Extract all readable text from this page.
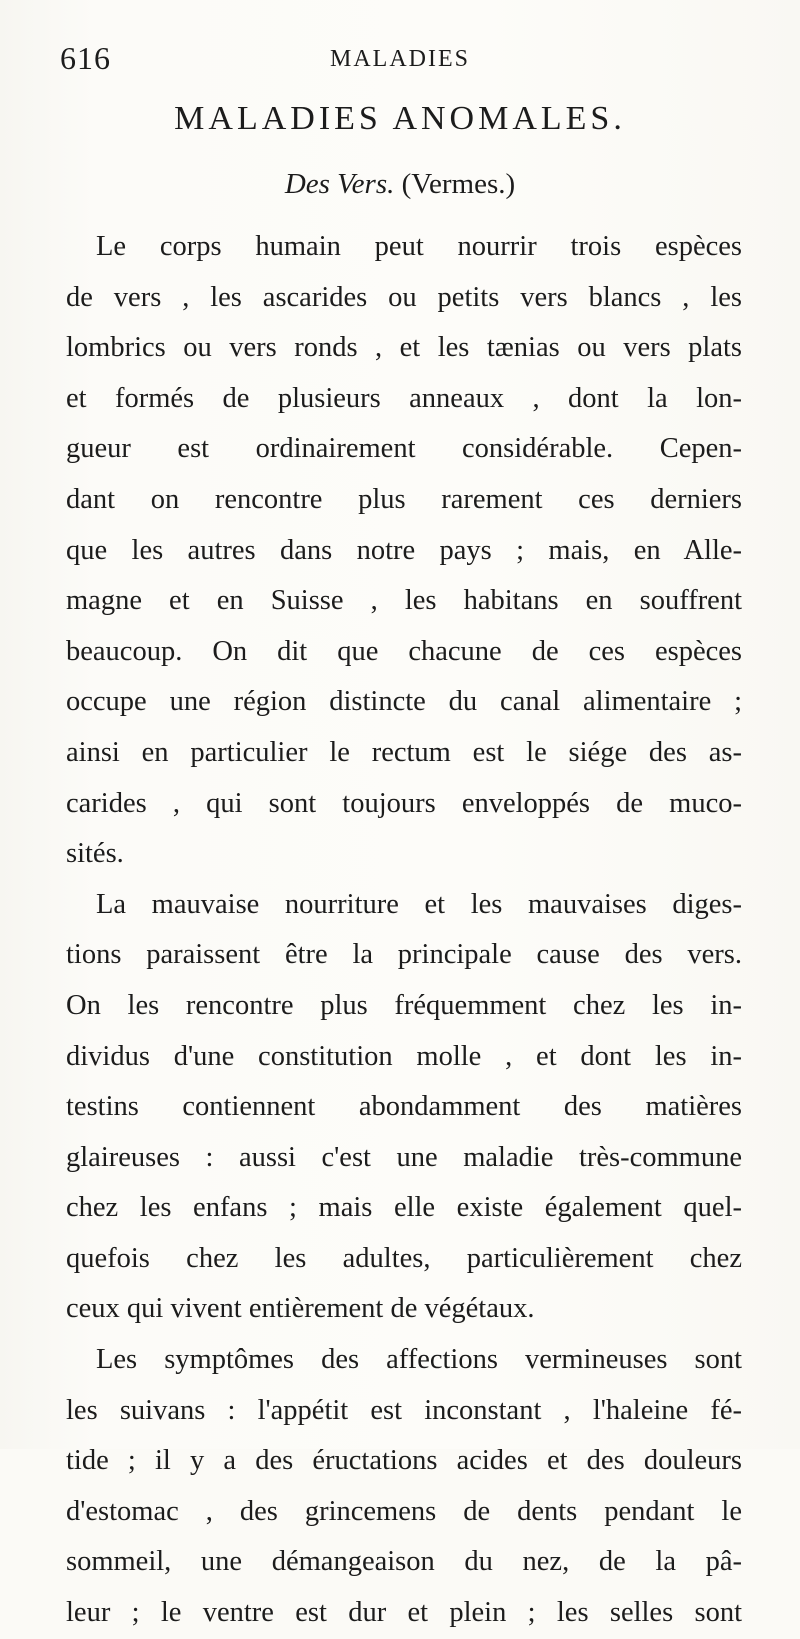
616	MALADIES
MALADIES ANOMALES.
Des Vers. (Vermes.)
Le corps humain peut nourrir trois espèces
de vers , les ascarides ou petits vers blancs , les
lombrics ou vers ronds , et les tænias ou vers plats
et formés de plusieurs anneaux , dont la lon-
gueur est ordinairement considérable. Cepen-
dant on rencontre plus rarement ces derniers
que les autres dans notre pays ; mais, en Alle-
magne et en Suisse , les habitans en souffrent
beaucoup. On dit que chacune de ces espèces
occupe une région distincte du canal alimentaire ;
ainsi en particulier le rectum est le siége des as-
carides , qui sont toujours enveloppés de muco-
sités.
La mauvaise nourriture et les mauvaises diges-
tions paraissent être la principale cause des vers.
On les rencontre plus fréquemment chez les in-
dividus d'une constitution molle , et dont les in-
testins contiennent abondamment des matières
glaireuses : aussi c'est une maladie très-commune
chez les enfans ; mais elle existe également quel-
quefois chez les adultes, particulièrement chez
ceux qui vivent entièrement de végétaux.
Les symptômes des affections vermineuses sont
les suivans : l'appétit est inconstant , l'haleine fé-
tide ; il y a des éructations acides et des douleurs
d'estomac , des grincemens de dents pendant le
sommeil, une démangeaison du nez, de la pâ-
leur ; le ventre est dur et plein ; les selles sont
